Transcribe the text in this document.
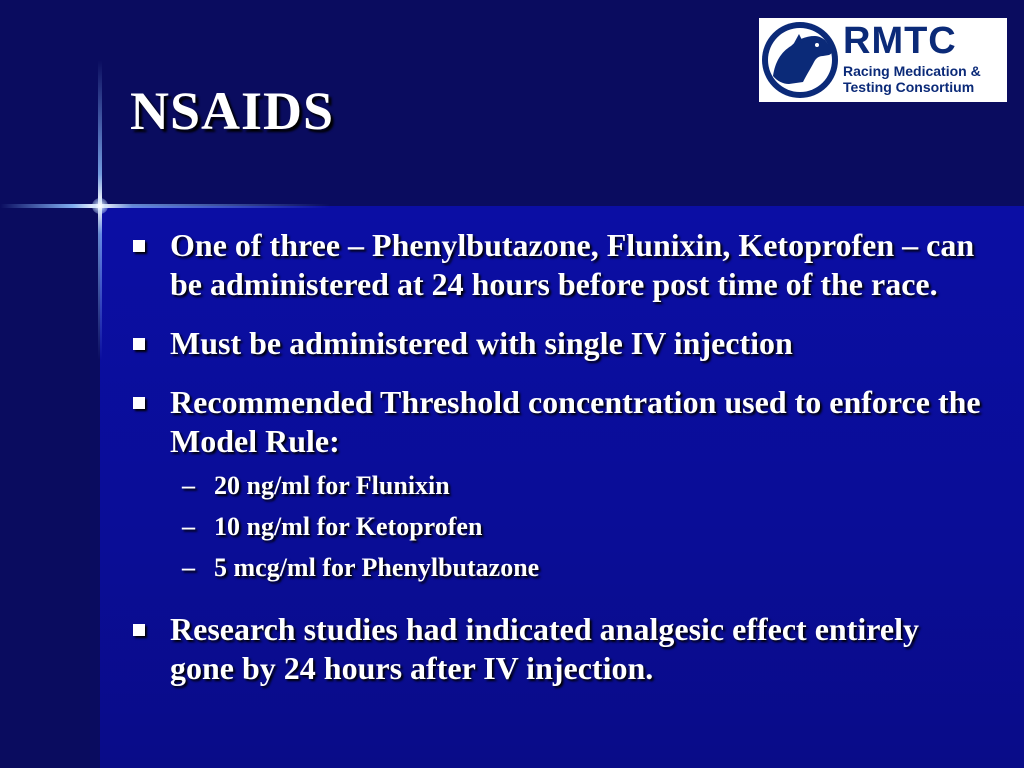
NSAIDS
RMTC
Racing Medication &
Testing Consortium
One of three – Phenylbutazone, Flunixin, Ketoprofen – can be administered at 24 hours before post time of the race.
Must be administered with single IV injection
Recommended Threshold concentration used to enforce the Model Rule:
– 20 ng/ml for Flunixin
– 10 ng/ml for Ketoprofen
– 5 mcg/ml for Phenylbutazone
Research studies had indicated analgesic effect entirely gone by 24 hours after IV injection.
